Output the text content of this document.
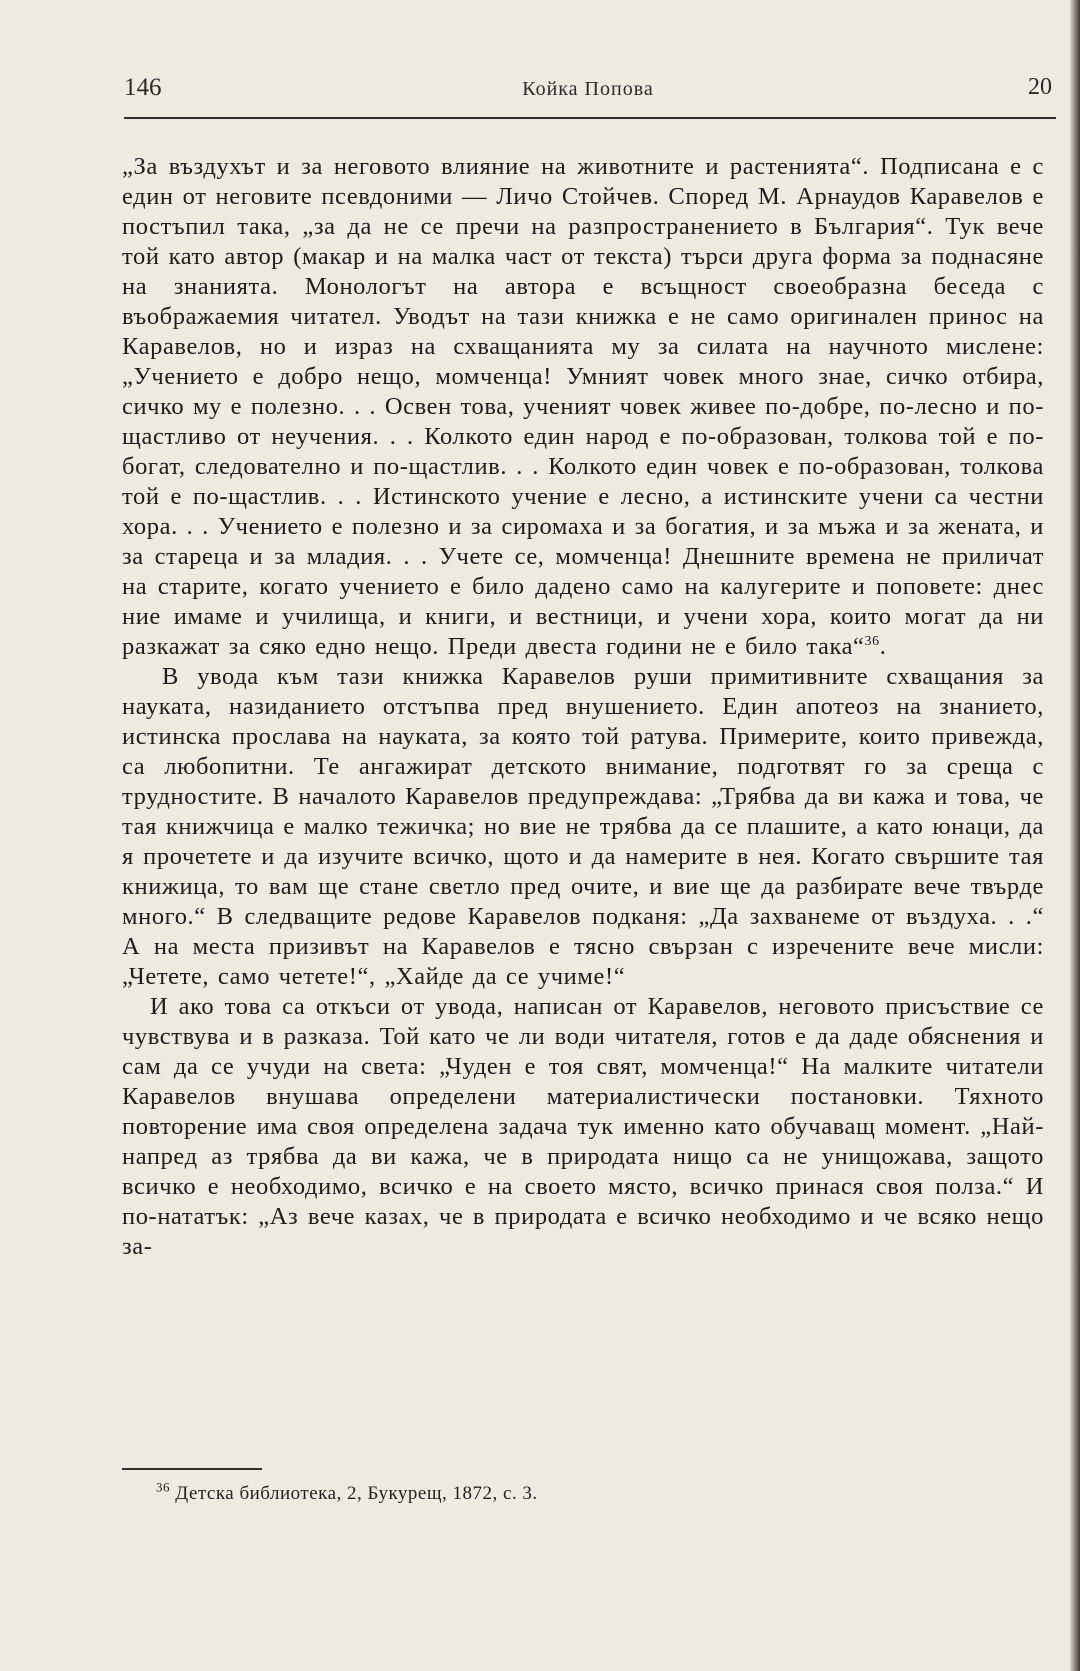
146	Койка Попова	20

„За въздухът и за неговото влияние на животните и растенията“. Подписана е с един от неговите псевдоними — Личо Стойчев. Според М. Арнаудов Каравелов е постъпил така, „за да не се пречи на разпространението в България“. Тук вече той като автор (макар и на малка част от текста) търси друга форма за поднасяне на знанията. Монологът на автора е всъщност своеобразна беседа с въображаемия читател. Уводът на тази книжка е не само оригинален принос на Каравелов, но и израз на схващанията му за силата на научното мислене: „Учението е добро нещо, момченца! Умният човек много знае, сичко отбира, сичко му е полезно. . . Освен това, ученият човек живее по-добре, по-лесно и по-щастливо от неучения. . . Колкото един народ е по-образован, толкова той е по-богат, следователно и по-щастлив. . . Колкото един човек е по-образован, толкова той е по-щастлив. . . Истинското учение е лесно, а истинските учени са честни хора. . . Учението е полезно и за сиромаха и за богатия, и за мъжа и за жената, и за стареца и за младия. . . Учете се, момченца! Днешните времена не приличат на старите, когато учението е било дадено само на калугерите и поповете: днес ние имаме и училища, и книги, и вестници, и учени хора, които могат да ни разкажат за сяко едно нещо. Преди двеста години не е било така“$^{36}$.

В увода към тази книжка Каравелов руши примитивните схващания за науката, назиданието отстъпва пред внушението. Един апотеоз на знанието, истинска прослава на науката, за която той ратува. Примерите, които привежда, са любопитни. Те ангажират детското внимание, подготвят го за среща с трудностите. В началото Каравелов предупреждава: „Трябва да ви кажа и това, че тая книжчица е малко тежичка; но вие не трябва да се плашите, а като юнаци, да я прочетете и да изучите всичко, щото и да намерите в нея. Когато свършите тая книжица, то вам ще стане светло пред очите, и вие ще да разбирате вече твърде много.“ В следващите редове Каравелов подканя: „Да захванеме от въздуха. . .“ А на места призивът на Каравелов е тясно свързан с изречените вече мисли: „Четете, само четете!“, „Хайде да се учиме!“

И ако това са откъси от увода, написан от Каравелов, неговото присъствие се чувствува и в разказа. Той като че ли води читателя, готов е да даде обяснения и сам да се учуди на света: „Чуден е тоя свят, момченца!“ На малките читатели Каравелов внушава определени материалистически постановки. Тяхното повторение има своя определена задача тук именно като обучаващ момент. „Най-напред аз трябва да ви кажа, че в природата нищо са не унищожава, защото всичко е необходимо, всичко е на своето място, всичко принася своя полза.“ И по-нататък: „Аз вече казах, че в природата е всичко необходимо и че всяко нещо за-

$^{36}$ Детска библиотека, 2, Букурещ, 1872, с. 3.
